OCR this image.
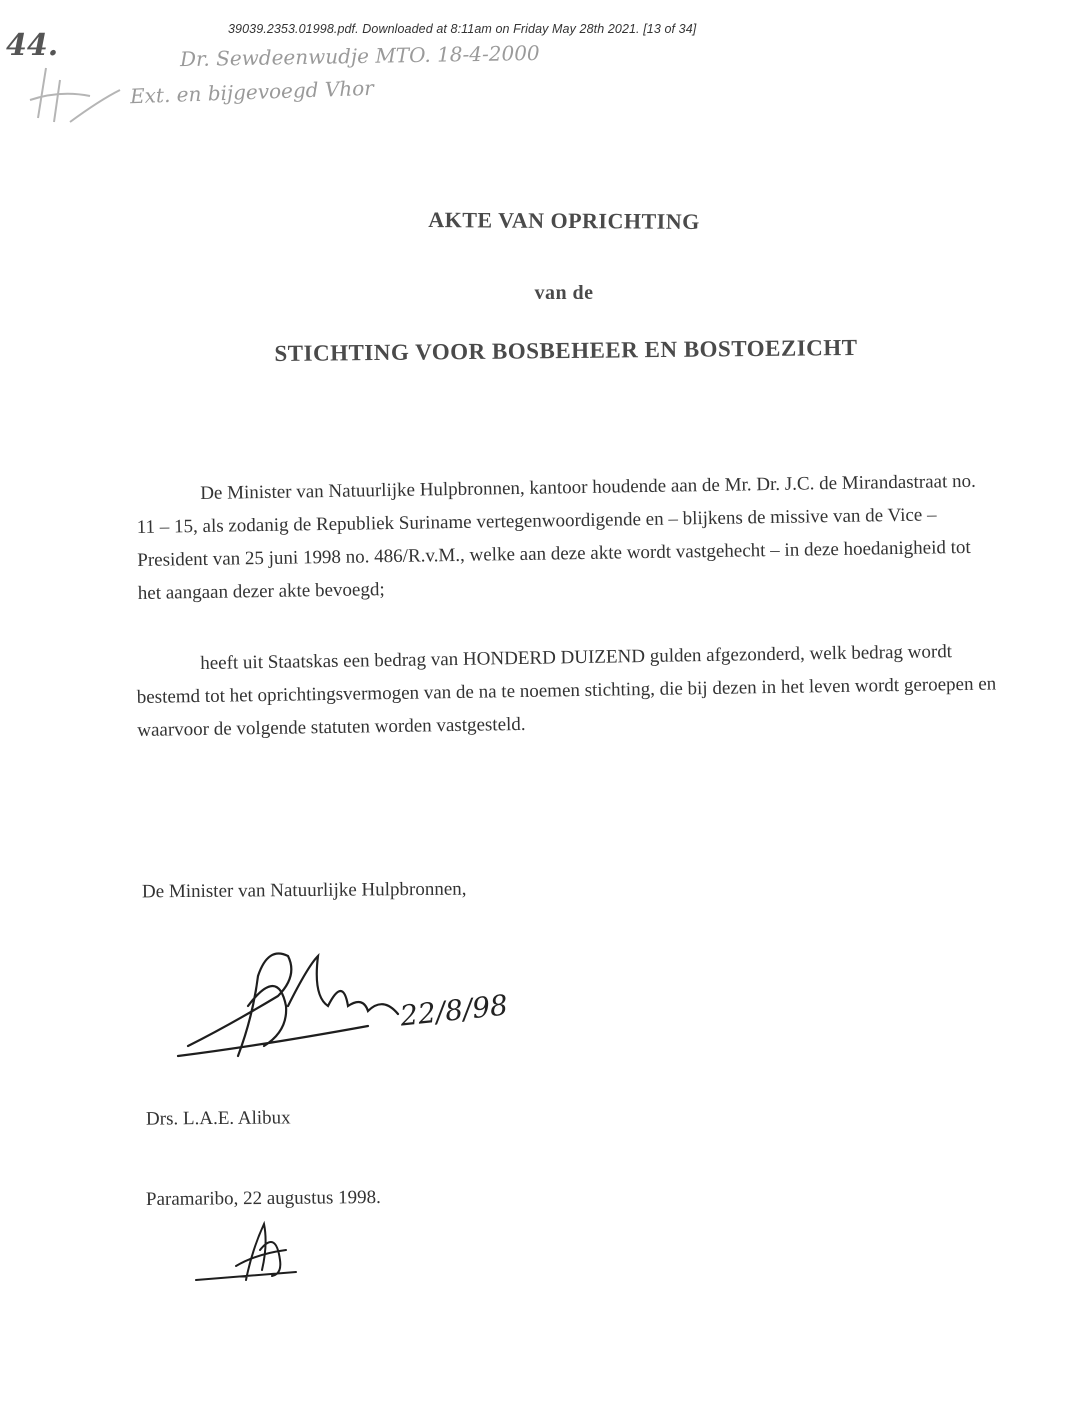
39039.2353.01998.pdf. Downloaded at 8:11am on Friday May 28th 2021. [13 of 34]
44.	Dr. Sewdeenwudje MTO. 18-4-2000
Ext. en bijgevoegd Vhor
AKTE VAN OPRICHTING
van de
STICHTING VOOR BOSBEHEER EN BOSTOEZICHT
De Minister van Natuurlijke Hulpbronnen, kantoor houdende aan de Mr. Dr. J.C. de Mirandastraat no. 11 – 15, als zodanig de Republiek Suriname vertegenwoordigende en – blijkens de missive van de Vice – President van 25 juni 1998 no. 486/R.v.M., welke aan deze akte wordt vastgehecht – in deze hoedanigheid tot het aangaan dezer akte bevoegd;
heeft uit Staatskas een bedrag van HONDERD DUIZEND gulden afgezonderd, welk bedrag wordt bestemd tot het oprichtingsvermogen van de na te noemen stichting, die bij dezen in het leven wordt geroepen en waarvoor de volgende statuten worden vastgesteld.
De Minister van Natuurlijke Hulpbronnen,
22/8/98
Drs. L.A.E. Alibux
Paramaribo, 22 augustus 1998.
